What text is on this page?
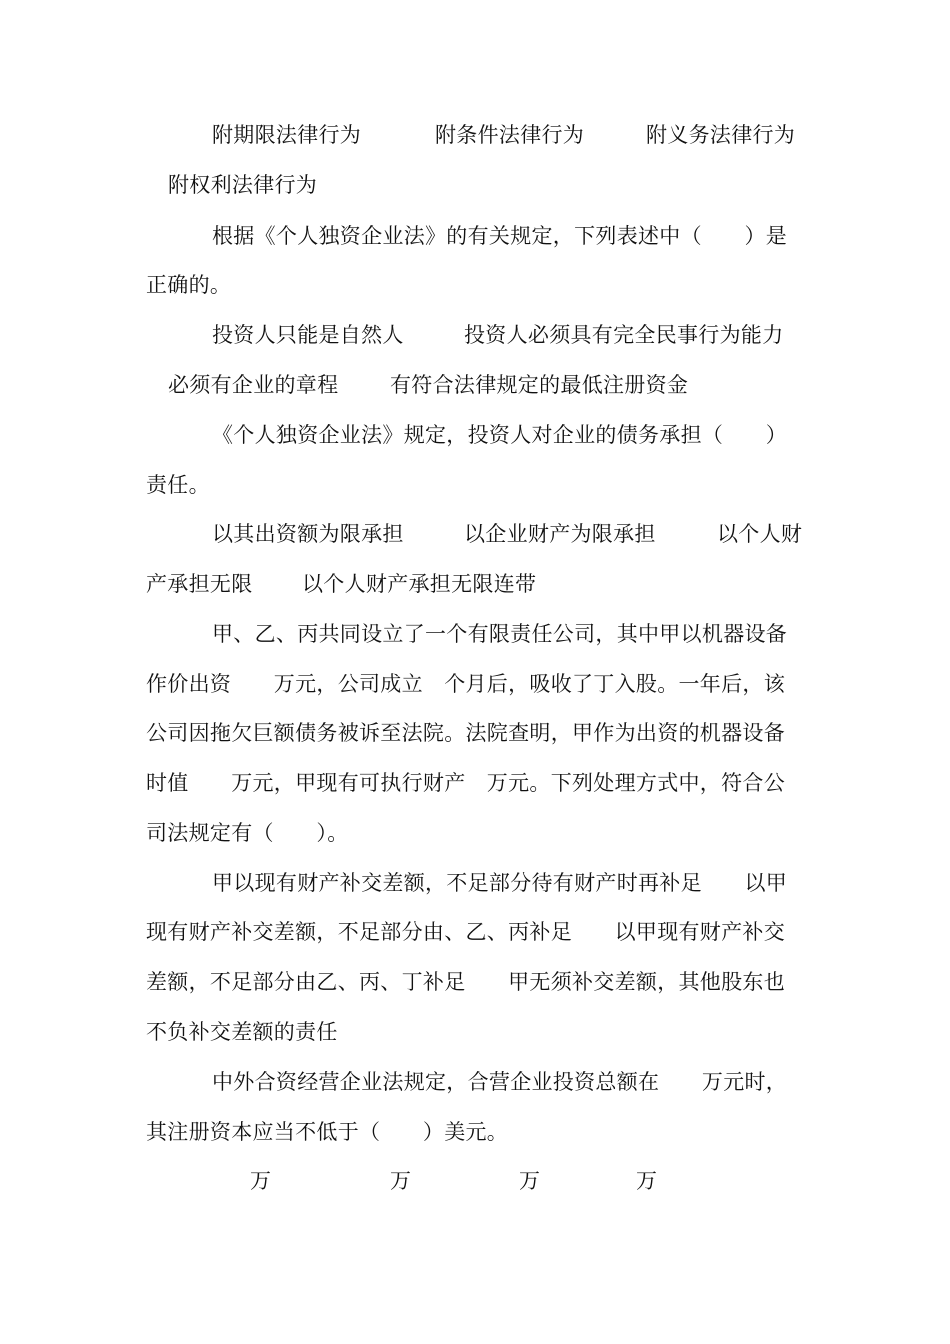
附期限法律行为	附条件法律行为	附义务法律行为
附权利法律行为
根据《个人独资企业法》的有关规定，下列表述中（　　）是
正确的。
投资人只能是自然人	投资人必须具有完全民事行为能力
必须有企业的章程 有符合法律规定的最低注册资金
《个人独资企业法》规定，投资人对企业的债务承担（　　）
责任。
以其出资额为限承担	以企业财产为限承担	以个人财
产承担无限 以个人财产承担无限连带
甲、乙、丙共同设立了一个有限责任公司，其中甲以机器设备
作价出资　　万元，公司成立　个月后，吸收了丁入股。一年后，该
公司因拖欠巨额债务被诉至法院。法院查明，甲作为出资的机器设备
时值　　万元，甲现有可执行财产　万元。下列处理方式中，符合公
司法规定有（　　）。
甲以现有财产补交差额，不足部分待有财产时再补足　　以甲
现有财产补交差额，不足部分由、乙、丙补足　　以甲现有财产补交
差额，不足部分由乙、丙、丁补足　　甲无须补交差额，其他股东也
不负补交差额的责任
中外合资经营企业法规定，合营企业投资总额在　　万元时，
其注册资本应当不低于（　　）美元。
万	万	万	万
